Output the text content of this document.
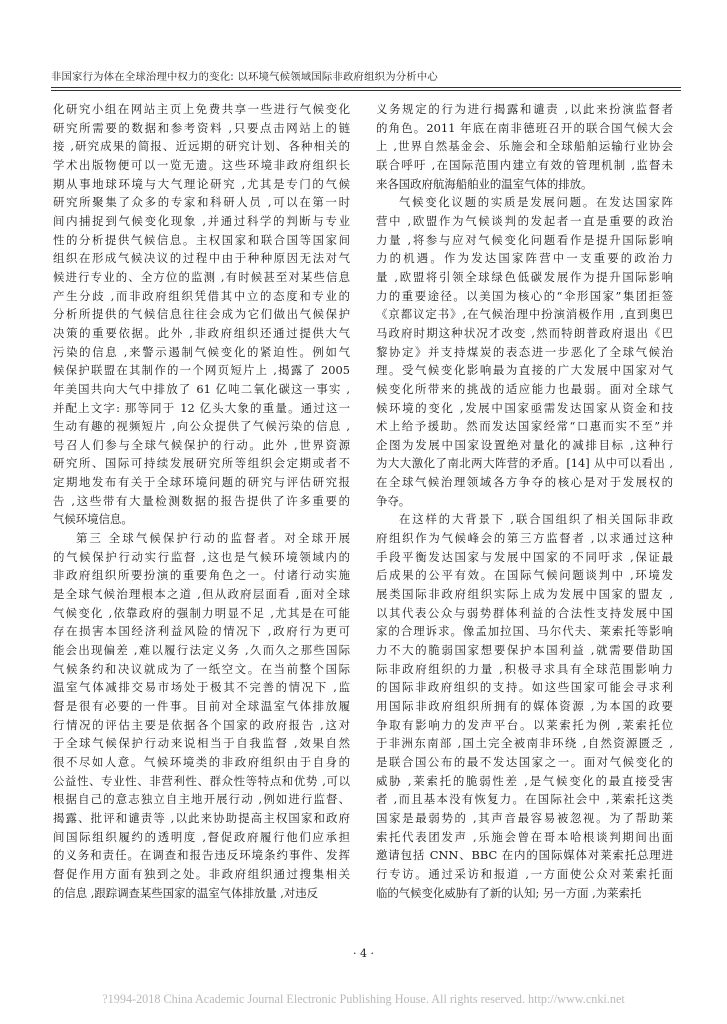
非国家行为体在全球治理中权力的变化: 以环境气候领域国际非政府组织为分析中心
化研究小组在网站主页上免费共享一些进行气候变化
研究所需要的数据和参考资料 ,只要点击网站上的链
接 ,研究成果的简报、近远期的研究计划、各种相关的
学术出版物便可以一览无遗。这些环境非政府组织长
期从事地球环境与大气理论研究 ,尤其是专门的气候
研究所聚集了众多的专家和科研人员 ,可以在第一时
间内捕捉到气候变化现象 ,并通过科学的判断与专业
性的分析提供气候信息。主权国家和联合国等国家间
组织在形成气候决议的过程中由于种种原因无法对气
候进行专业的、全方位的监测 ,有时候甚至对某些信息
产生分歧 ,而非政府组织凭借其中立的态度和专业的
分析所提供的气候信息往往会成为它们做出气候保护
决策的重要依据。此外 ,非政府组织还通过提供大气
污染的信息 ,来警示遏制气候变化的紧迫性。例如气
候保护联盟在其制作的一个网页短片上 ,揭露了 2005
年美国共向大气中排放了 61 亿吨二氧化碳这一事实 ,
并配上文字: 那等同于 12 亿头大象的重量。通过这一
生动有趣的视频短片 ,向公众提供了气候污染的信息 ,
号召人们参与全球气候保护的行动。此外 ,世界资源
研究所、国际可持续发展研究所等组织会定期或者不
定期地发布有关于全球环境问题的研究与评估研究报
告 ,这些带有大量检测数据的报告提供了许多重要的
气候环境信息。
第三 全球气候保护行动的监督者。对全球开展
的气候保护行动实行监督 ,这也是气候环境领域内的
非政府组织所要扮演的重要角色之一。付诸行动实施
是全球气候治理根本之道 ,但从政府层面看 ,面对全球
气候变化 ,依靠政府的强制力明显不足 ,尤其是在可能
存在损害本国经济利益风险的情况下 ,政府行为更可
能会出现偏差 ,难以履行法定义务 ,久而久之那些国际
气候条约和决议就成为了一纸空文。在当前整个国际
温室气体减排交易市场处于极其不完善的情况下 ,监
督是很有必要的一件事。目前对全球温室气体排放履
行情况的评估主要是依据各个国家的政府报告 ,这对
于全球气候保护行动来说相当于自我监督 ,效果自然
很不尽如人意。气候环境类的非政府组织由于自身的
公益性、专业性、非营利性、群众性等特点和优势 ,可以
根据自己的意志独立自主地开展行动 ,例如进行监督、
揭露、批评和谴责等 ,以此来协助提高主权国家和政府
间国际组织履约的透明度 ,督促政府履行他们应承担
的义务和责任。在调查和报告违反环境条约事件、发挥
督促作用方面有独到之处。非政府组织通过搜集相关
的信息 ,跟踪调查某些国家的温室气体排放量 ,对违反
义务规定的行为进行揭露和谴责 ,以此来扮演监督者
的角色。2011 年底在南非德班召开的联合国气候大会
上 ,世界自然基金会、乐施会和全球船舶运输行业协会
联合呼吁 ,在国际范围内建立有效的管理机制 ,监督未
来各国政府航海船舶业的温室气体的排放。
气候变化议题的实质是发展问题。在发达国家阵
营中 ,欧盟作为气候谈判的发起者一直是重要的政治
力量 ,将参与应对气候变化问题看作是提升国际影响
力的机遇。作为发达国家阵营中一支重要的政治力
量 ,欧盟将引领全球绿色低碳发展作为提升国际影响
力的重要途径。以美国为核心的“伞形国家”集团拒签
《京都议定书》,在气候治理中扮演消极作用 ,直到奥巴
马政府时期这种状况才改变 ,然而特朗普政府退出《巴
黎协定》并支持煤炭的表态进一步恶化了全球气候治
理。受气候变化影响最为直接的广大发展中国家对气
候变化所带来的挑战的适应能力也最弱。面对全球气
候环境的变化 ,发展中国家亟需发达国家从资金和技
术上给予援助。然而发达国家经常“口惠而实不至”并
企图为发展中国家设置绝对量化的减排目标 ,这种行
为大大激化了南北两大阵营的矛盾。[14] 从中可以看出 ,
在全球气候治理领域各方争夺的核心是对于发展权的
争夺。
在这样的大背景下 ,联合国组织了相关国际非政
府组织作为气候峰会的第三方监督者 ,以求通过这种
手段平衡发达国家与发展中国家的不同吁求 ,保证最
后成果的公平有效。在国际气候问题谈判中 ,环境发
展类国际非政府组织实际上成为发展中国家的盟友 ,
以其代表公众与弱势群体利益的合法性支持发展中国
家的合理诉求。像孟加拉国、马尔代夫、莱索托等影响
力不大的脆弱国家想要保护本国利益 ,就需要借助国
际非政府组织的力量 ,积极寻求具有全球范围影响力
的国际非政府组织的支持。如这些国家可能会寻求利
用国际非政府组织所拥有的媒体资源 ,为本国的政要
争取有影响力的发声平台。以莱索托为例 ,莱索托位
于非洲东南部 ,国土完全被南非环绕 ,自然资源匮乏 ,
是联合国公布的最不发达国家之一。面对气候变化的
威胁 ,莱索托的脆弱性差 ,是气候变化的最直接受害
者 ,而且基本没有恢复力。在国际社会中 ,莱索托这类
国家是最弱势的 ,其声音最容易被忽视。为了帮助莱
索托代表团发声 ,乐施会曾在哥本哈根谈判期间出面
邀请包括 CNN、BBC 在内的国际媒体对莱索托总理进
行专访。通过采访和报道 ,一方面使公众对莱索托面
临的气候变化威胁有了新的认知; 另一方面 ,为莱索托
· 4 ·
?1994-2018 China Academic Journal Electronic Publishing House. All rights reserved. http://www.cnki.net
